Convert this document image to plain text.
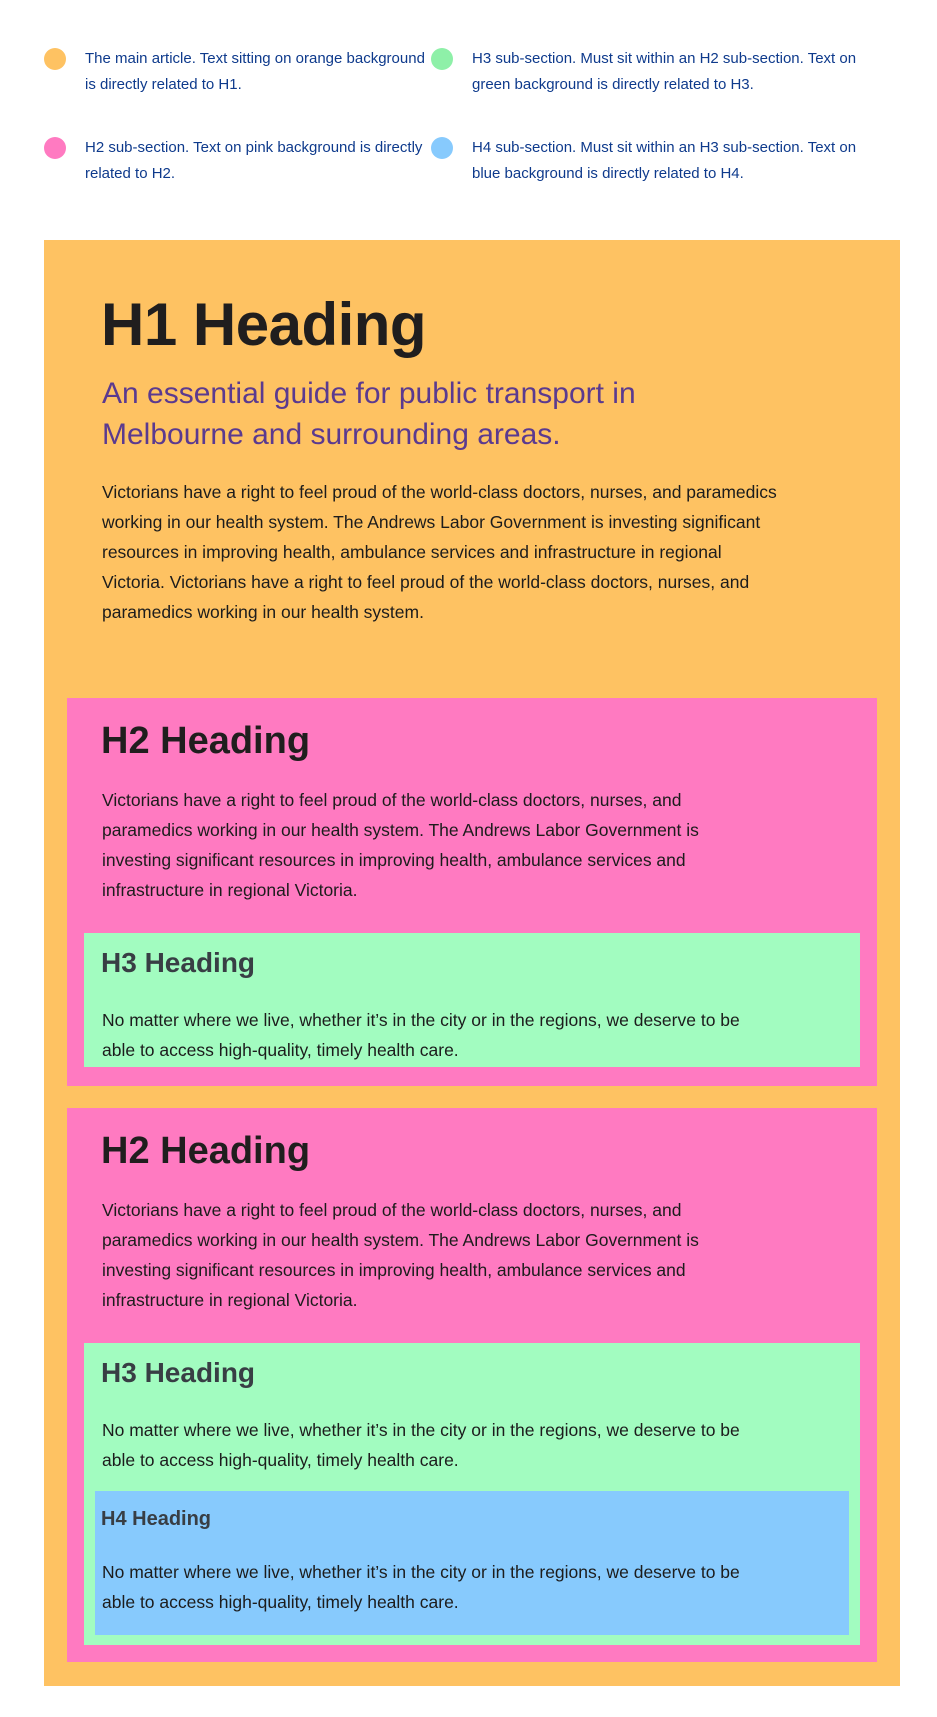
The main article. Text sitting on orange background is directly related to H1.
H3 sub-section. Must sit within an H2 sub-section. Text on green background is directly related to H3.
H2 sub-section. Text on pink background is directly related to H2.
H4 sub-section. Must sit within an H3 sub-section. Text on blue background is directly related to H4.
H1 Heading

An essential guide for public transport in Melbourne and surrounding areas.

Victorians have a right to feel proud of the world-class doctors, nurses, and paramedics working in our health system. The Andrews Labor Government is investing significant resources in improving health, ambulance services and infrastructure in regional Victoria. Victorians have a right to feel proud of the world-class doctors, nurses, and paramedics working in our health system.

H2 Heading

Victorians have a right to feel proud of the world-class doctors, nurses, and paramedics working in our health system. The Andrews Labor Government is investing significant resources in improving health, ambulance services and infrastructure in regional Victoria.

H3 Heading

No matter where we live, whether it’s in the city or in the regions, we deserve to be able to access high-quality, timely health care.

H2 Heading

Victorians have a right to feel proud of the world-class doctors, nurses, and paramedics working in our health system. The Andrews Labor Government is investing significant resources in improving health, ambulance services and infrastructure in regional Victoria.

H3 Heading

No matter where we live, whether it’s in the city or in the regions, we deserve to be able to access high-quality, timely health care.

H4 Heading

No matter where we live, whether it’s in the city or in the regions, we deserve to be able to access high-quality, timely health care.
